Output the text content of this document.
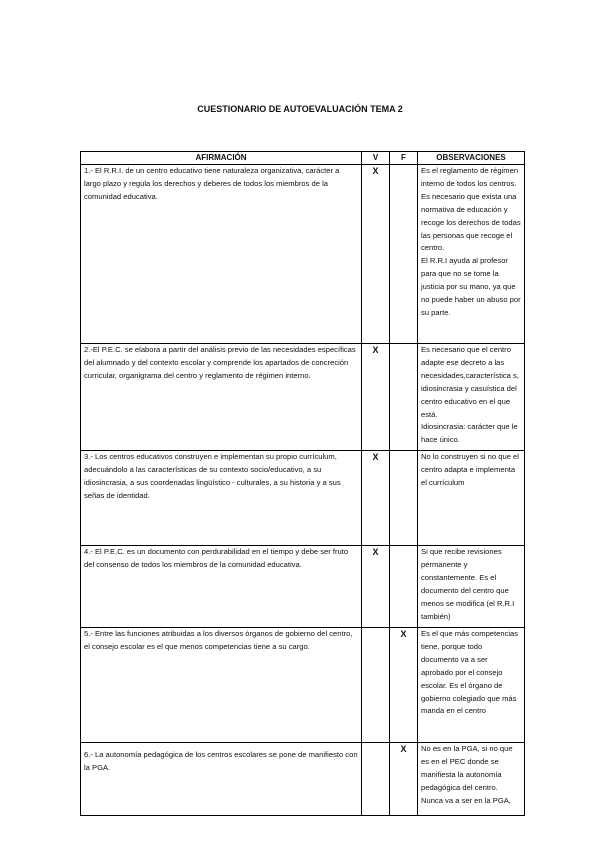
CUESTIONARIO DE AUTOEVALUACIÓN TEMA 2
AFIRMACIÓN	V	F	OBSERVACIONES
1.- El R.R.I. de un centro educativo tiene naturaleza organizativa, carácter a largo plazo y regula los derechos y deberes de todos los miembros de la comunidad educativa.	X		Es el reglamento de régimen interno de todos los centros. Es necesario que exista una normativa de educación y recoge los derechos de todas las personas que recoge el centro.
El R.R.I ayuda al profesor para que no se tome la justicia por su mano, ya que no puede haber un abuso por su parte.
2.-El P.E.C. se elabora a partir del análisis previo de las necesidades específicas del alumnado y del contexto escolar y comprende los apartados de concreción curricular, organigrama del centro y reglamento de régimen interno.	X		Es necesario que el centro adapte ese decreto a las necesidades,característica s, idiosincrasia y casuística del centro educativo en el que está.
Idiosincrasia: carácter que le hace único.
3.- Los centros educativos construyen e implementan su propio currículum, adecuándolo a las características de su contexto socio/educativo, a su idiosincrasia, a sus coordenadas lingüístico - culturales, a su historia y a sus señas de identidad.	X		No lo construyen si no que el centro adapta e implementa el currículum
4.- El P.E.C. es un documento con perdurabilidad en el tiempo y debe ser fruto del consenso de todos los miembros de la comunidad educativa.	X		Si que recibe revisiones permanente y constantemente. Es el documento del centro que menos se modifica (el R.R.I también)
5.- Entre las funciones atribuidas a los diversos órganos de gobierno del centro, el consejo escolar es el que menos competencias tiene a su cargo.		X	Es el que más competencias tiene, porque todo documento va a ser aprobado por el consejo escolar. Es el órgano de gobierno colegiado que más manda en el centro
6.- La autonomía pedagógica de los centros escolares se pone de manifiesto con la PGA.		X	No es en la PGA, si no que es en el PEC donde se manifiesta la autonomía pedagógica del centro. Nunca va a ser en la PGA,
